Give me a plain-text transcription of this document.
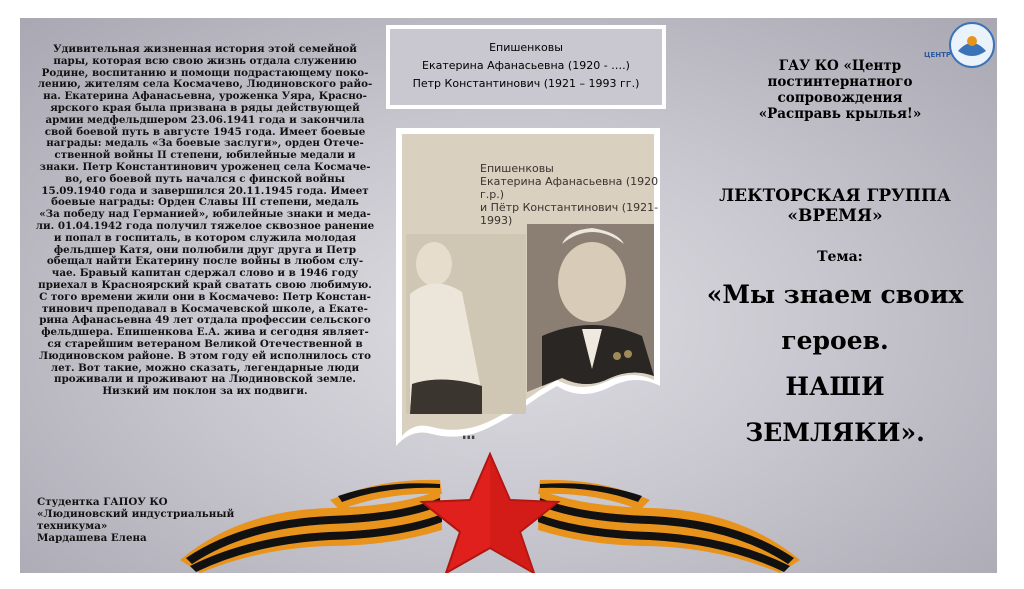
Удивительная жизненная история этой семейной
пары, которая всю свою жизнь отдала служению
Родине, воспитанию и помощи подрастающему поко-
лению, жителям села Космачево, Людиновского райо-
на. Екатерина Афанасьевна, уроженка Уяра, Красно-
ярского края была призвана в ряды действующей
армии медфельдшером 23.06.1941 года и закончила
свой боевой путь в августе 1945 года. Имеет боевые
награды: медаль «За боевые заслуги», орден Отече-
ственной войны II степени, юбилейные медали и
знаки. Петр Константинович уроженец села Космаче-
во, его боевой путь начался с финской войны
15.09.1940 года и завершился 20.11.1945 года. Имеет
боевые награды: Орден Славы III степени, медаль
«За победу над Германией», юбилейные знаки и меда-
ли. 01.04.1942 года получил тяжелое сквозное ранение
и попал в госпиталь, в котором служила молодая
фельдшер Катя, они полюбили друг друга и Петр
обещал найти Екатерину после войны в любом слу-
чае. Бравый капитан сдержал слово и в 1946 году
приехал в Красноярский край сватать свою любимую.
С того времени жили они в Космачево: Петр Констан-
тинович преподавал в Космачевской школе, а Екате-
рина Афанасьевна 49 лет отдала профессии сельского
фельдшера. Епишенкова Е.А. жива и сегодня являет-
ся старейшим ветераном Великой Отечественной в
Людиновском районе. В этом году ей исполнилось сто
лет. Вот такие, можно сказать, легендарные люди
проживали и проживают на Людиновской земле.
Низкий им поклон за их подвиги.
Студентка ГАПОУ КО
«Людиновский индустриальный
техникума»
Мардашева Елена
Епишенковы
Екатерина Афанасьевна (1920 - ….)
Петр Константинович (1921 – 1993 гг.)
Епишенковы
Екатерина Афанасьевна (1920 г.р.)
и Пётр Константинович (1921-1993)
∎∎∎
ГАУ КО «Центр
постинтернатного
сопровождения
«Расправь крылья!»
ЦЕНТР
ЛЕКТОРСКАЯ ГРУППА
«ВРЕМЯ»
Тема:
«Мы знаем своих
героев.
НАШИ
ЗЕМЛЯКИ».
